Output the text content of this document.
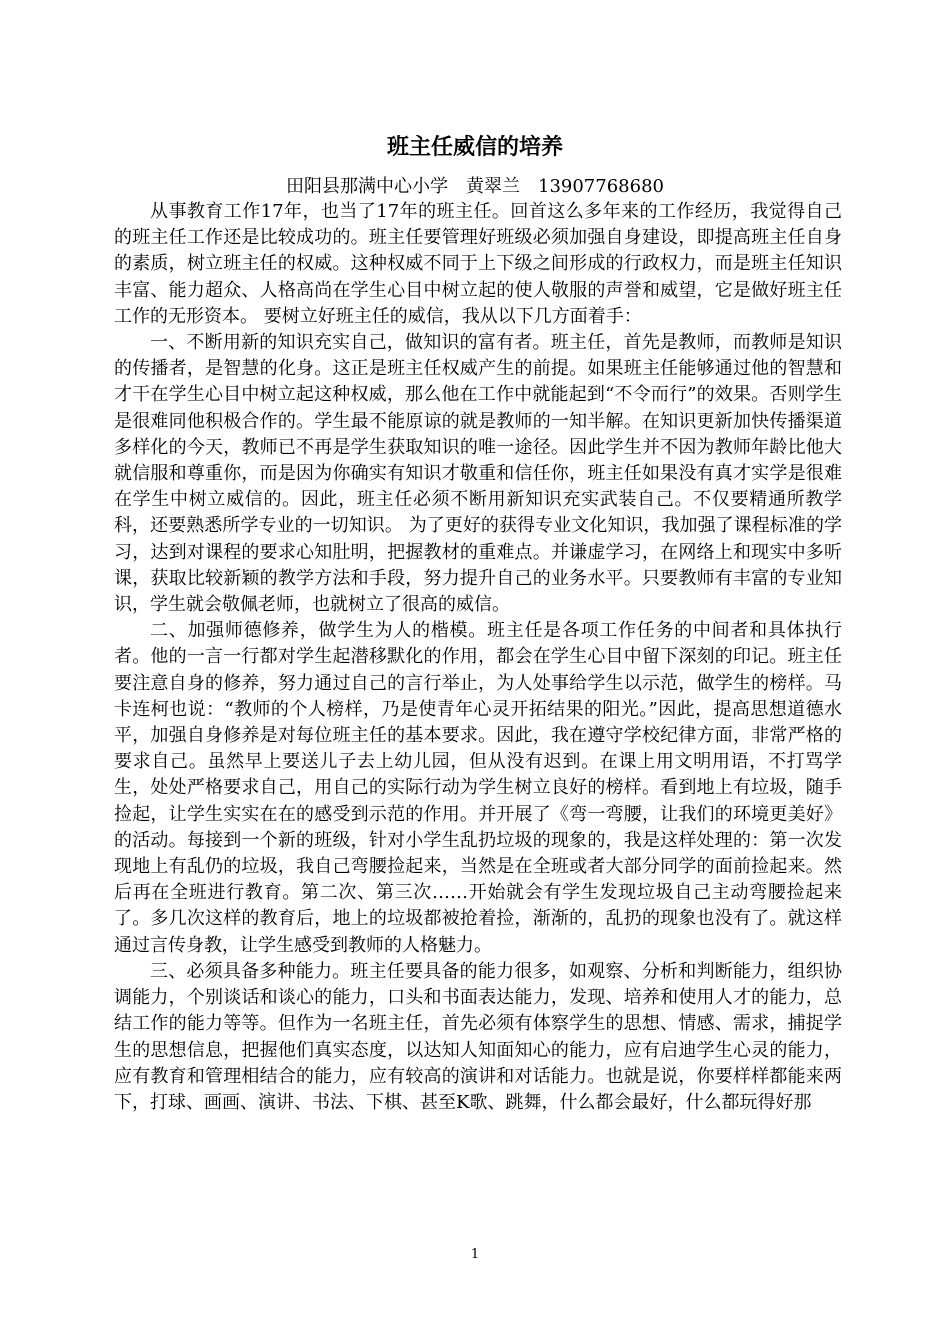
班主任威信的培养
田阳县那满中心小学　黄翠兰　13907768680

从事教育工作17年，也当了17年的班主任。回首这么多年来的工作经历，我觉得自己的班主任工作还是比较成功的。班主任要管理好班级必须加强自身建设，即提高班主任自身的素质，树立班主任的权威。这种权威不同于上下级之间形成的行政权力，而是班主任知识丰富、能力超众、人格高尚在学生心目中树立起的使人敬服的声誉和威望，它是做好班主任工作的无形资本。 要树立好班主任的威信，我从以下几方面着手：

一、不断用新的知识充实自己，做知识的富有者。班主任，首先是教师，而教师是知识的传播者，是智慧的化身。这正是班主任权威产生的前提。如果班主任能够通过他的智慧和才干在学生心目中树立起这种权威，那么他在工作中就能起到“不令而行”的效果。否则学生是很难同他积极合作的。学生最不能原谅的就是教师的一知半解。在知识更新加快传播渠道多样化的今天，教师已不再是学生获取知识的唯一途径。因此学生并不因为教师年龄比他大就信服和尊重你，而是因为你确实有知识才敬重和信任你，班主任如果没有真才实学是很难在学生中树立威信的。因此，班主任必须不断用新知识充实武装自己。不仅要精通所教学科，还要熟悉所学专业的一切知识。 为了更好的获得专业文化知识，我加强了课程标准的学习，达到对课程的要求心知肚明，把握教材的重难点。并谦虚学习，在网络上和现实中多听课，获取比较新颖的教学方法和手段，努力提升自己的业务水平。只要教师有丰富的专业知识，学生就会敬佩老师，也就树立了很高的威信。

二、加强师德修养，做学生为人的楷模。班主任是各项工作任务的中间者和具体执行者。他的一言一行都对学生起潜移默化的作用，都会在学生心目中留下深刻的印记。班主任要注意自身的修养，努力通过自己的言行举止，为人处事给学生以示范，做学生的榜样。马卡连柯也说：“教师的个人榜样，乃是使青年心灵开拓结果的阳光。”因此，提高思想道德水平，加强自身修养是对每位班主任的基本要求。因此，我在遵守学校纪律方面，非常严格的要求自己。虽然早上要送儿子去上幼儿园，但从没有迟到。在课上用文明用语，不打骂学生，处处严格要求自己，用自己的实际行动为学生树立良好的榜样。看到地上有垃圾，随手捡起，让学生实实在在的感受到示范的作用。并开展了《弯一弯腰，让我们的环境更美好》的活动。每接到一个新的班级，针对小学生乱扔垃圾的现象的，我是这样处理的：第一次发现地上有乱仍的垃圾，我自己弯腰捡起来，当然是在全班或者大部分同学的面前捡起来。然后再在全班进行教育。第二次、第三次……开始就会有学生发现垃圾自己主动弯腰捡起来了。多几次这样的教育后，地上的垃圾都被抢着捡，渐渐的，乱扔的现象也没有了。就这样通过言传身教，让学生感受到教师的人格魅力。

三、必须具备多种能力。班主任要具备的能力很多，如观察、分析和判断能力，组织协调能力，个别谈话和谈心的能力，口头和书面表达能力，发现、培养和使用人才的能力，总结工作的能力等等。但作为一名班主任，首先必须有体察学生的思想、情感、需求，捕捉学生的思想信息，把握他们真实态度，以达知人知面知心的能力，应有启迪学生心灵的能力，应有教育和管理相结合的能力，应有较高的演讲和对话能力。也就是说，你要样样都能来两下，打球、画画、演讲、书法、下棋、甚至K歌、跳舞，什么都会最好，什么都玩得好那

1
